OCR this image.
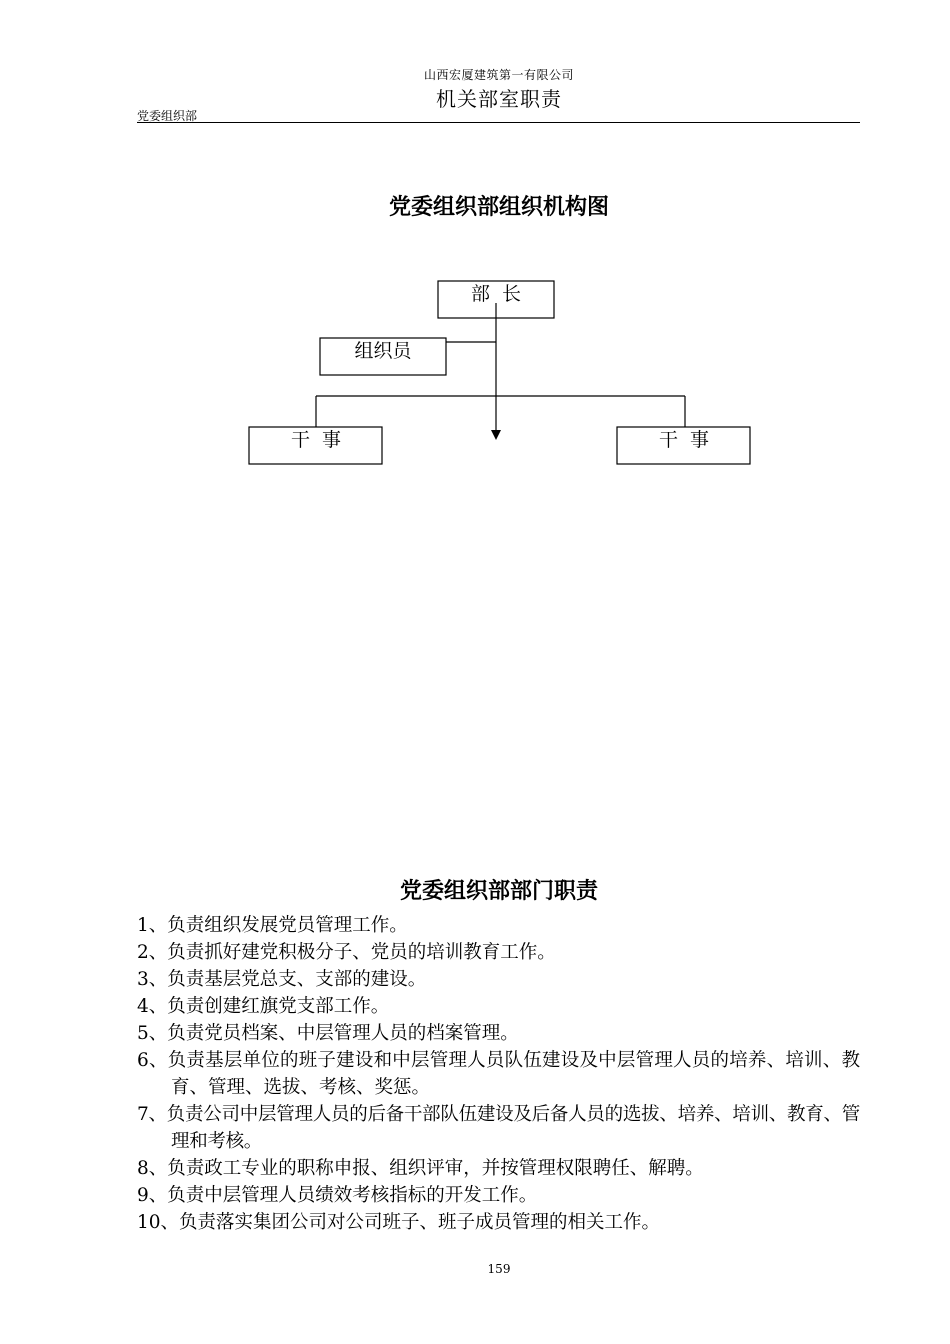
山西宏厦建筑第一有限公司
机关部室职责
党委组织部
党委组织部组织机构图
部  长
组织员
干  事	干  事
党委组织部部门职责
1、负责组织发展党员管理工作。
2、负责抓好建党积极分子、党员的培训教育工作。
3、负责基层党总支、支部的建设。
4、负责创建红旗党支部工作。
5、负责党员档案、中层管理人员的档案管理。
6、负责基层单位的班子建设和中层管理人员队伍建设及中层管理人员的培养、培训、教育、管理、选拔、考核、奖惩。
7、负责公司中层管理人员的后备干部队伍建设及后备人员的选拔、培养、培训、教育、管理和考核。
8、负责政工专业的职称申报、组织评审，并按管理权限聘任、解聘。
9、负责中层管理人员绩效考核指标的开发工作。
10、负责落实集团公司对公司班子、班子成员管理的相关工作。
159
